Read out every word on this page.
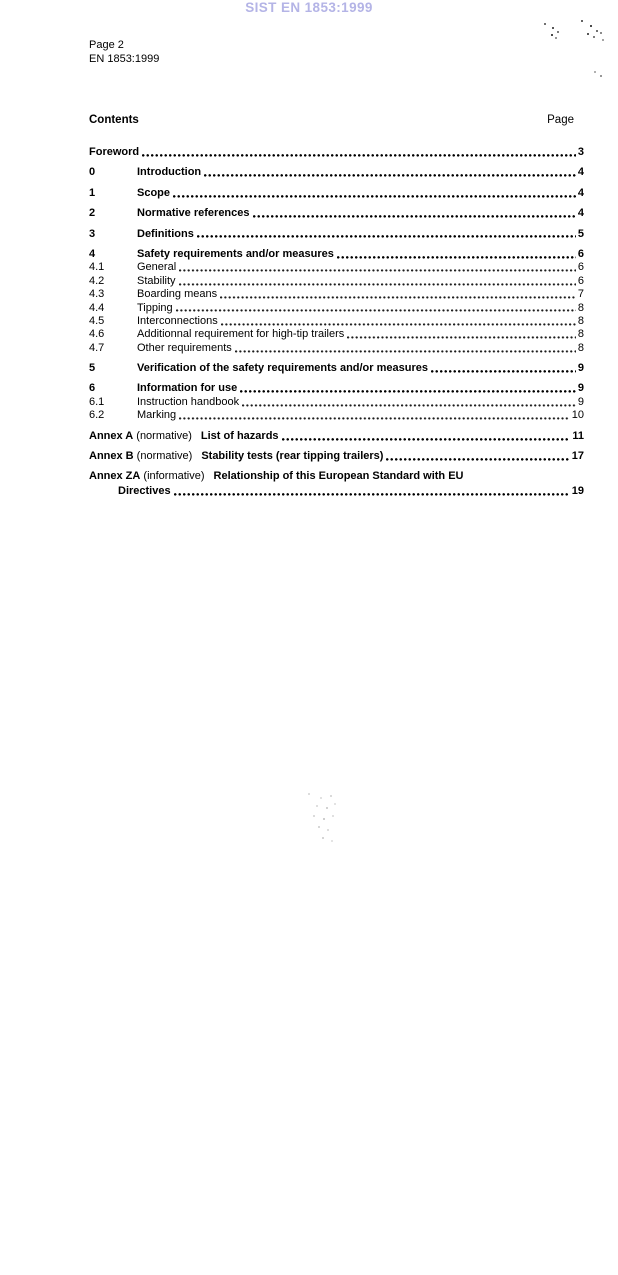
SIST EN 1853:1999
Page 2
EN 1853:1999
Contents	Page
Foreword	3
0	Introduction	4
1	Scope	4
2	Normative references	4
3	Definitions	5
4	Safety requirements and/or measures	6
4.1	General	6
4.2	Stability	6
4.3	Boarding means	7
4.4	Tipping	8
4.5	Interconnections	8
4.6	Additionnal requirement for high-tip trailers	8
4.7	Other requirements	8
5	Verification of the safety requirements and/or measures	9
6	Information for use	9
6.1	Instruction handbook	9
6.2	Marking	10
Annex A (normative) List of hazards	11
Annex B (normative) Stability tests (rear tipping trailers)	17
Annex ZA (informative) Relationship of this European Standard with EU
Directives	19
